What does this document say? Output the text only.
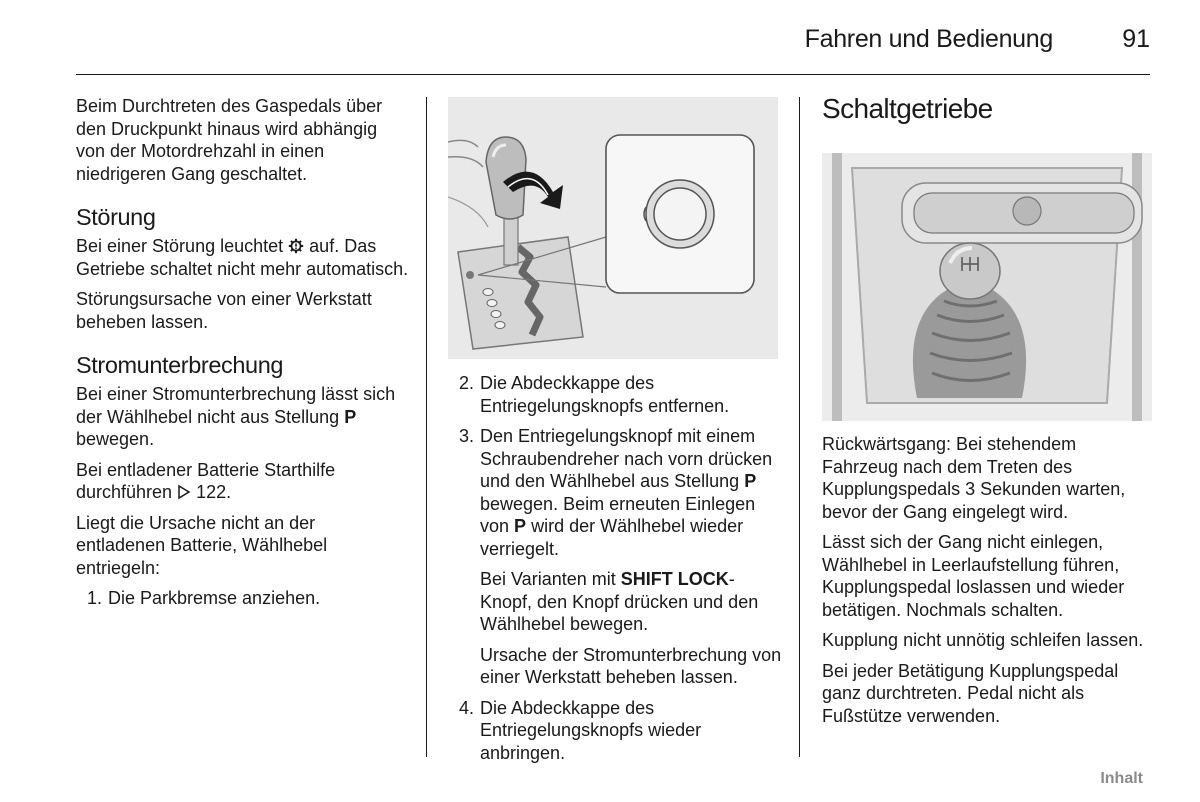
Fahren und Bedienung	91

Beim Durchtreten des Gaspedals über den Druckpunkt hinaus wird abhängig von der Motordrehzahl in einen niedrigeren Gang geschaltet.

Störung

Bei einer Störung leuchtet auf. Das Getriebe schaltet nicht mehr automatisch.

Störungsursache von einer Werkstatt beheben lassen.

Stromunterbrechung

Bei einer Stromunterbrechung lässt sich der Wählhebel nicht aus Stellung P bewegen.

Bei entladener Batterie Starthilfe durchführen 122.

Liegt die Ursache nicht an der entladenen Batterie, Wählhebel entriegeln:

1. Die Parkbremse anziehen.
2. Die Abdeckkappe des Entriegelungsknopfs entfernen.
3. Den Entriegelungsknopf mit einem Schraubendreher nach vorn drücken und den Wählhebel aus Stellung P bewegen. Beim erneuten Einlegen von P wird der Wählhebel wieder verriegelt.

Bei Varianten mit SHIFT LOCK-Knopf, den Knopf drücken und den Wählhebel bewegen.

Ursache der Stromunterbrechung von einer Werkstatt beheben lassen.

4. Die Abdeckkappe des Entriegelungsknopfs wieder anbringen.
Schaltgetriebe

Rückwärtsgang: Bei stehendem Fahrzeug nach dem Treten des Kupplungspedals 3 Sekunden warten, bevor der Gang eingelegt wird.

Lässt sich der Gang nicht einlegen, Wählhebel in Leerlaufstellung führen, Kupplungspedal loslassen und wieder betätigen. Nochmals schalten.

Kupplung nicht unnötig schleifen lassen.

Bei jeder Betätigung Kupplungspedal ganz durchtreten. Pedal nicht als Fußstütze verwenden.

Inhalt
